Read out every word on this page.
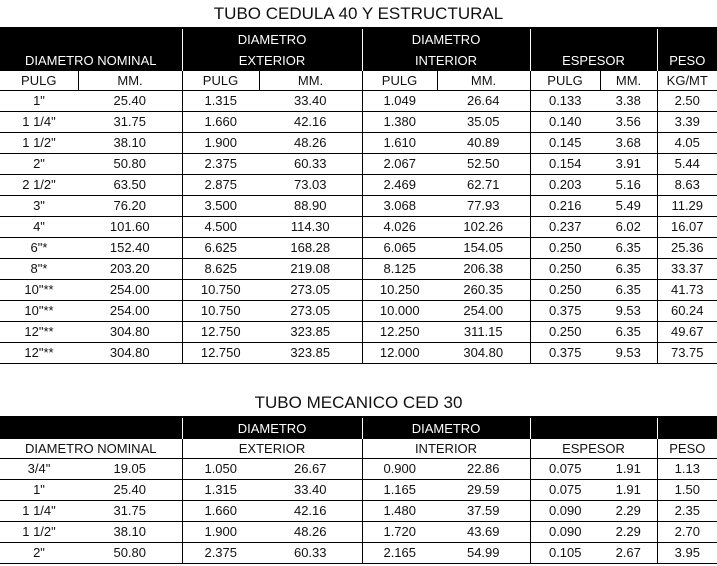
TUBO CEDULA 40 Y ESTRUCTURAL								
		DIAMETRO		DIAMETRO				
DIAMETRO NOMINAL		EXTERIOR		INTERIOR		ESPESOR		PESO
PULG	MM.	PULG	MM.	PULG	MM.	PULG	MM.	KG/MT
1"	25.40	1.315	33.40	1.049	26.64	0.133	3.38	2.50
1 1/4"	31.75	1.660	42.16	1.380	35.05	0.140	3.56	3.39
1 1/2"	38.10	1.900	48.26	1.610	40.89	0.145	3.68	4.05
2"	50.80	2.375	60.33	2.067	52.50	0.154	3.91	5.44
2 1/2"	63.50	2.875	73.03	2.469	62.71	0.203	5.16	8.63
3"	76.20	3.500	88.90	3.068	77.93	0.216	5.49	11.29
4"	101.60	4.500	114.30	4.026	102.26	0.237	6.02	16.07
6"*	152.40	6.625	168.28	6.065	154.05	0.250	6.35	25.36
8"*	203.20	8.625	219.08	8.125	206.38	0.250	6.35	33.37
10"**	254.00	10.750	273.05	10.250	260.35	0.250	6.35	41.73
10"**	254.00	10.750	273.05	10.000	254.00	0.375	9.53	60.24
12"**	304.80	12.750	323.85	12.250	311.15	0.250	6.35	49.67
12"**	304.80	12.750	323.85	12.000	304.80	0.375	9.53	73.75
TUBO MECANICO CED 30								
		DIAMETRO		DIAMETRO				
DIAMETRO NOMINAL		EXTERIOR		INTERIOR		ESPESOR		PESO
3/4"	19.05	1.050	26.67	0.900	22.86	0.075	1.91	1.13
1"	25.40	1.315	33.40	1.165	29.59	0.075	1.91	1.50
1 1/4"	31.75	1.660	42.16	1.480	37.59	0.090	2.29	2.35
1 1/2"	38.10	1.900	48.26	1.720	43.69	0.090	2.29	2.70
2"	50.80	2.375	60.33	2.165	54.99	0.105	2.67	3.95
